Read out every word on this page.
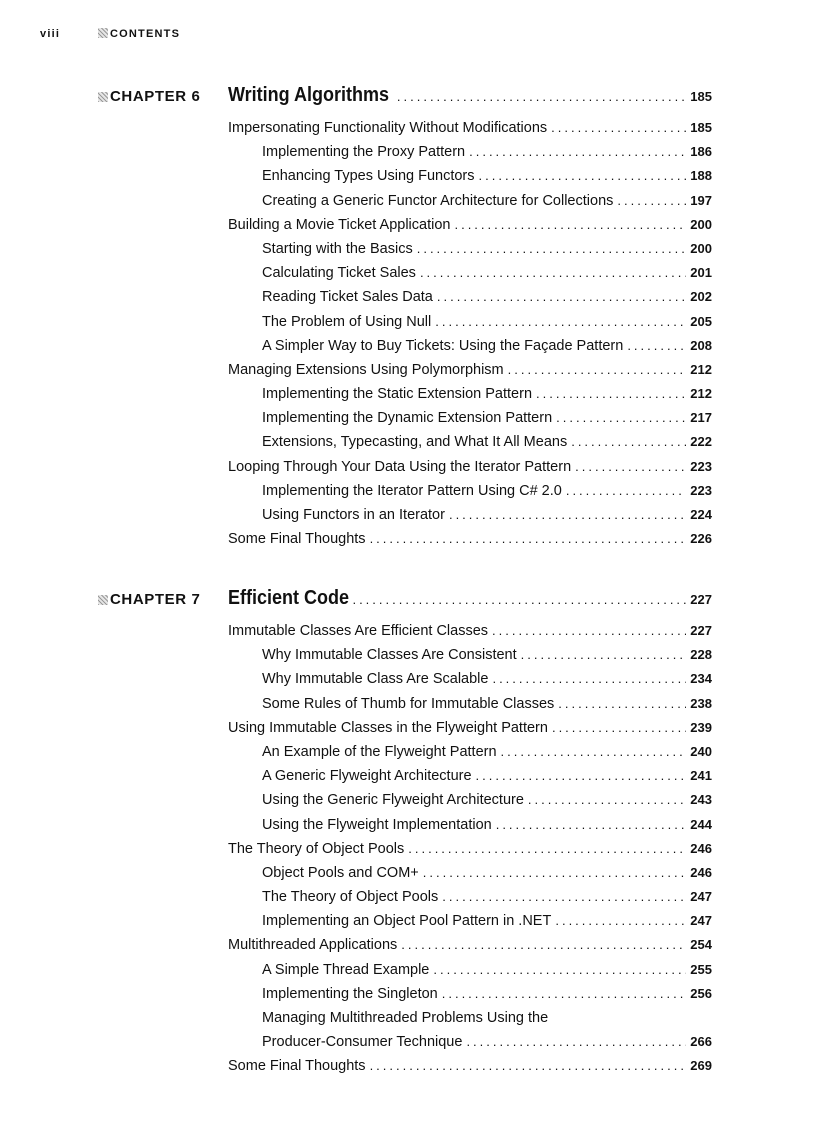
viii	CONTENTS
CHAPTER 6 Writing Algorithms .....	185
Impersonating Functionality Without Modifications .....	185
Implementing the Proxy Pattern .....	186
Enhancing Types Using Functors .....	188
Creating a Generic Functor Architecture for Collections .....	197
Building a Movie Ticket Application .....	200
Starting with the Basics .....	200
Calculating Ticket Sales .....	201
Reading Ticket Sales Data .....	202
The Problem of Using Null .....	205
A Simpler Way to Buy Tickets: Using the Façade Pattern .....	208
Managing Extensions Using Polymorphism .....	212
Implementing the Static Extension Pattern .....	212
Implementing the Dynamic Extension Pattern .....	217
Extensions, Typecasting, and What It All Means .....	222
Looping Through Your Data Using the Iterator Pattern .....	223
Implementing the Iterator Pattern Using C# 2.0 .....	223
Using Functors in an Iterator .....	224
Some Final Thoughts .....	226
CHAPTER 7 Efficient Code .....	227
Immutable Classes Are Efficient Classes .....	227
Why Immutable Classes Are Consistent .....	228
Why Immutable Class Are Scalable .....	234
Some Rules of Thumb for Immutable Classes .....	238
Using Immutable Classes in the Flyweight Pattern .....	239
An Example of the Flyweight Pattern .....	240
A Generic Flyweight Architecture .....	241
Using the Generic Flyweight Architecture .....	243
Using the Flyweight Implementation .....	244
The Theory of Object Pools .....	246
Object Pools and COM+ .....	246
The Theory of Object Pools .....	247
Implementing an Object Pool Pattern in .NET .....	247
Multithreaded Applications .....	254
A Simple Thread Example .....	255
Implementing the Singleton .....	256
Managing Multithreaded Problems Using the
Producer-Consumer Technique .....	266
Some Final Thoughts .....	269
